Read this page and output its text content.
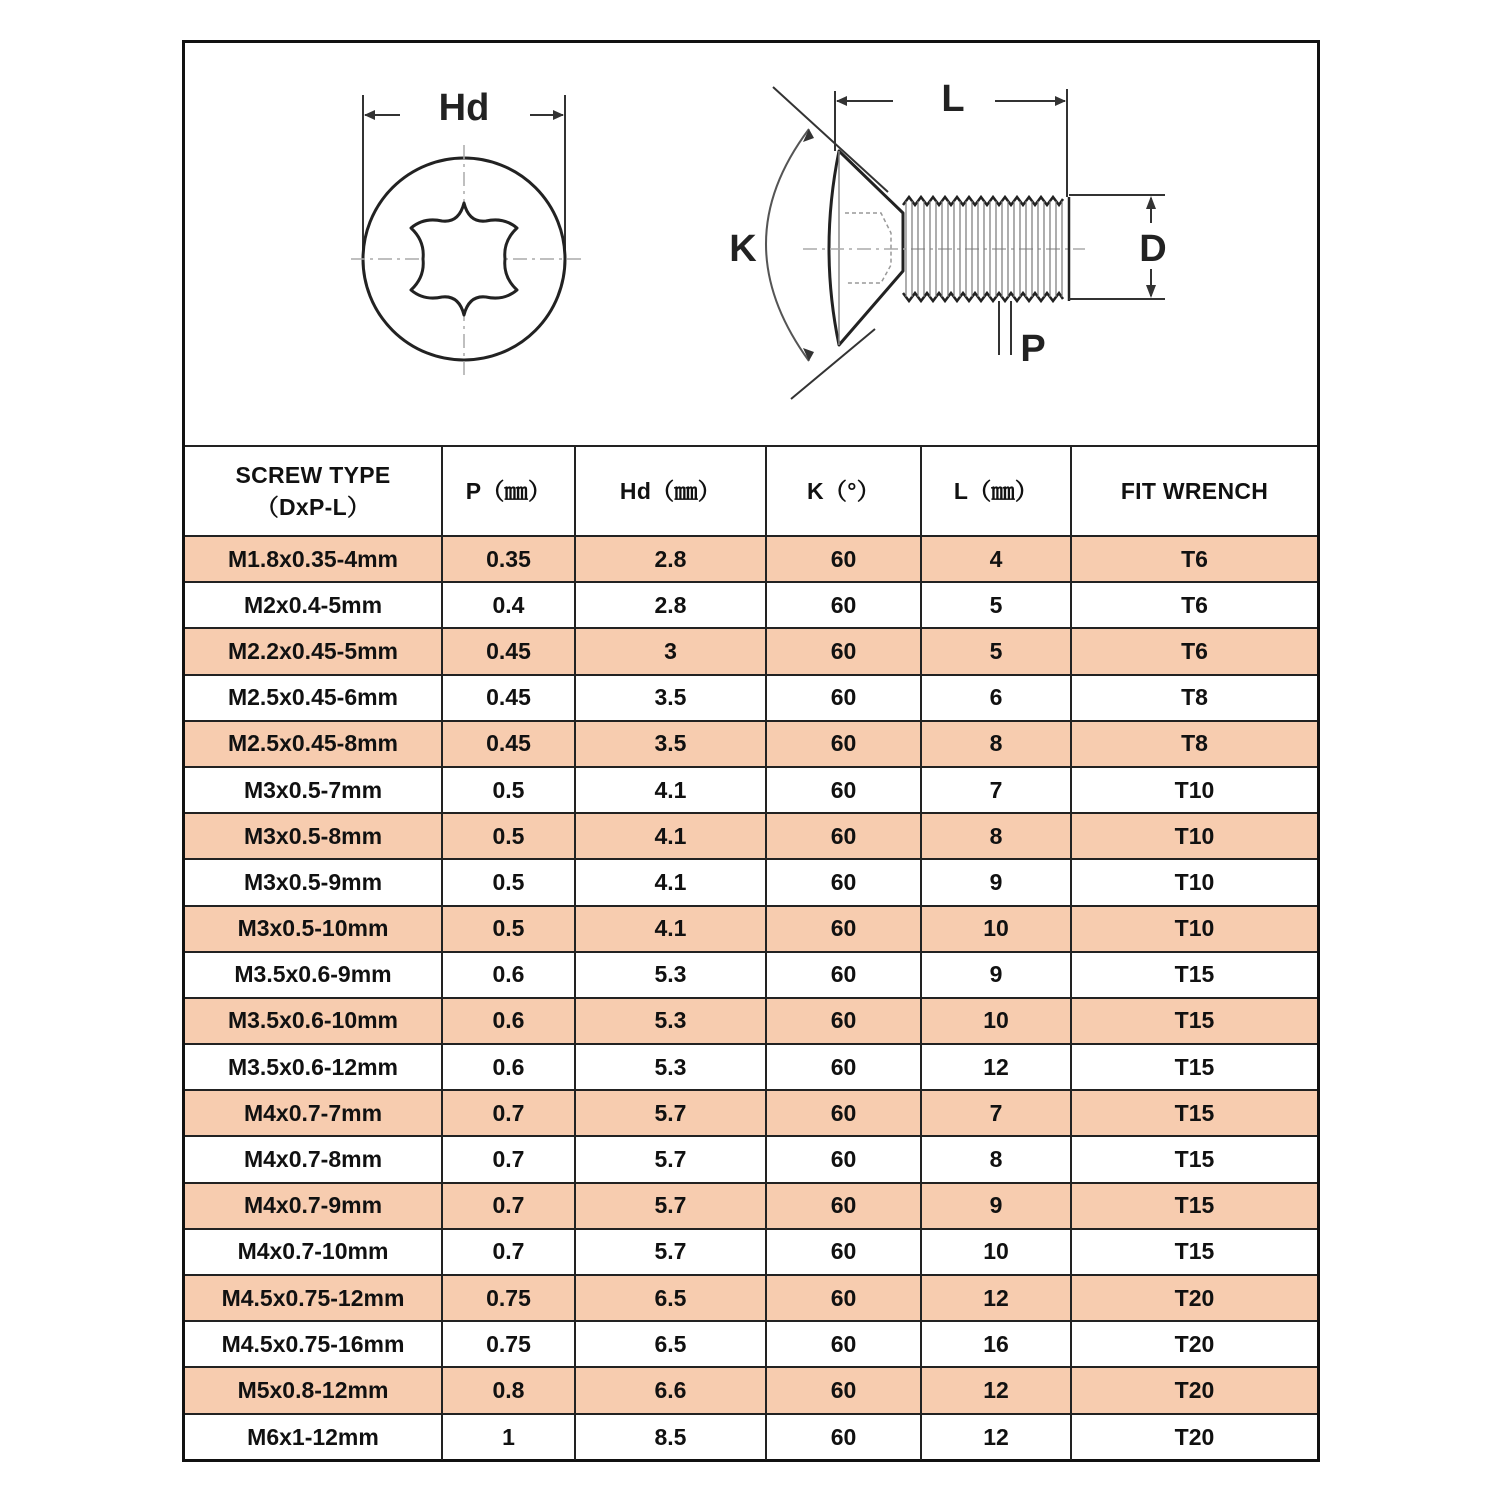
Hd	L
K	D
P
SCREW TYPE
（DxP-L）	P（㎜）	Hd（㎜）	K（°）	L（㎜）	FIT WRENCH
M1.8x0.35-4mm	0.35	2.8	60	4	T6
M2x0.4-5mm	0.4	2.8	60	5	T6
M2.2x0.45-5mm	0.45	3	60	5	T6
M2.5x0.45-6mm	0.45	3.5	60	6	T8
M2.5x0.45-8mm	0.45	3.5	60	8	T8
M3x0.5-7mm	0.5	4.1	60	7	T10
M3x0.5-8mm	0.5	4.1	60	8	T10
M3x0.5-9mm	0.5	4.1	60	9	T10
M3x0.5-10mm	0.5	4.1	60	10	T10
M3.5x0.6-9mm	0.6	5.3	60	9	T15
M3.5x0.6-10mm	0.6	5.3	60	10	T15
M3.5x0.6-12mm	0.6	5.3	60	12	T15
M4x0.7-7mm	0.7	5.7	60	7	T15
M4x0.7-8mm	0.7	5.7	60	8	T15
M4x0.7-9mm	0.7	5.7	60	9	T15
M4x0.7-10mm	0.7	5.7	60	10	T15
M4.5x0.75-12mm	0.75	6.5	60	12	T20
M4.5x0.75-16mm	0.75	6.5	60	16	T20
M5x0.8-12mm	0.8	6.6	60	12	T20
M6x1-12mm	1	8.5	60	12	T20
